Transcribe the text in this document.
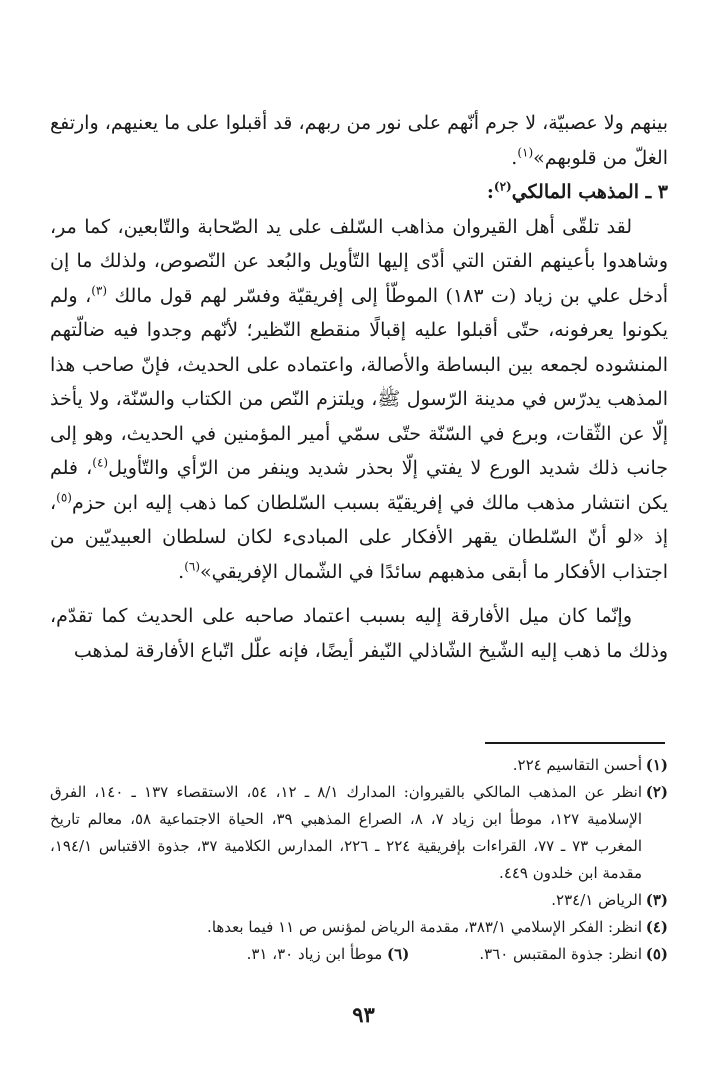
بينهم ولا عصبيّة، لا جرم أنّهم على نور من ربهم، قد أقبلوا على ما يعنيهم، وارتفع الغلّ من قلوبهم»$^{(١)}$.

٣ ـ المذهب المالكي$^{(٢)}$:

لقد تلقّى أهل القيروان مذاهب السّلف على يد الصّحابة والتّابعين، كما مر، وشاهدوا بأعينهم الفتن التي أدّى إليها التّأويل والبُعد عن النّصوص، ولذلك ما إن أدخل علي بن زياد (ت ١٨٣) الموطّأ إلى إفريقيّة وفسّر لهم قول مالك $^{(٣)}$، ولم يكونوا يعرفونه، حتّى أقبلوا عليه إقبالًا منقطع النّظير؛ لأنّهم وجدوا فيه ضالّتهم المنشوده لجمعه بين البساطة والأصالة، واعتماده على الحديث، فإنّ صاحب هذا المذهب يدرّس في مدينة الرّسول ﷺ، ويلتزم النّص من الكتاب والسّنّة، ولا يأخذ إلّا عن الثّقات، وبرع في السّنّة حتّى سمّي أمير المؤمنين في الحديث، وهو إلى جانب ذلك شديد الورع لا يفتي إلّا بحذر شديد وينفر من الرّأي والتّأويل$^{(٤)}$، فلم يكن انتشار مذهب مالك في إفريقيّة بسبب السّلطان كما ذهب إليه ابن حزم$^{(٥)}$، إذ «لو أنّ السّلطان يقهر الأفكار على المبادىء لكان لسلطان العبيديّين من اجتذاب الأفكار ما أبقى مذهبهم سائدًا في الشّمال الإفريقي»$^{(٦)}$.

وإنّما كان ميل الأفارقة إليه بسبب اعتماد صاحبه على الحديث كما تقدّم، وذلك ما ذهب إليه الشّيخ الشّاذلي النّيفر أيضًا، فإنه علّل اتّباع الأفارقة لمذهب

(١)
أحسن التقاسيم ٢٢٤.

(٢)
انظر عن المذهب المالكي بالقيروان: المدارك ٨/١ ـ ١٢، ٥٤، الاستقصاء ١٣٧ ـ ١٤٠، الفرق الإسلامية ١٢٧، موطأ ابن زياد ٧، ٨، الصراع المذهبي ٣٩، الحياة الاجتماعية ٥٨، معالم تاريخ المغرب ٧٣ ـ ٧٧، القراءات بإفريقية ٢٢٤ ـ ٢٢٦، المدارس الكلامية ٣٧، جذوة الاقتباس ١٩٤/١، مقدمة ابن خلدون ٤٤٩.

(٣)
الرياض ٢٣٤/١.

(٤)
انظر: الفكر الإسلامي ٣٨٣/١، مقدمة الرياض لمؤنس ص ١١ فيما بعدها.

(٥)
انظر: جذوة المقتبس ٣٦٠.(٦) موطأ ابن زياد ٣٠، ٣١.

٩٣
